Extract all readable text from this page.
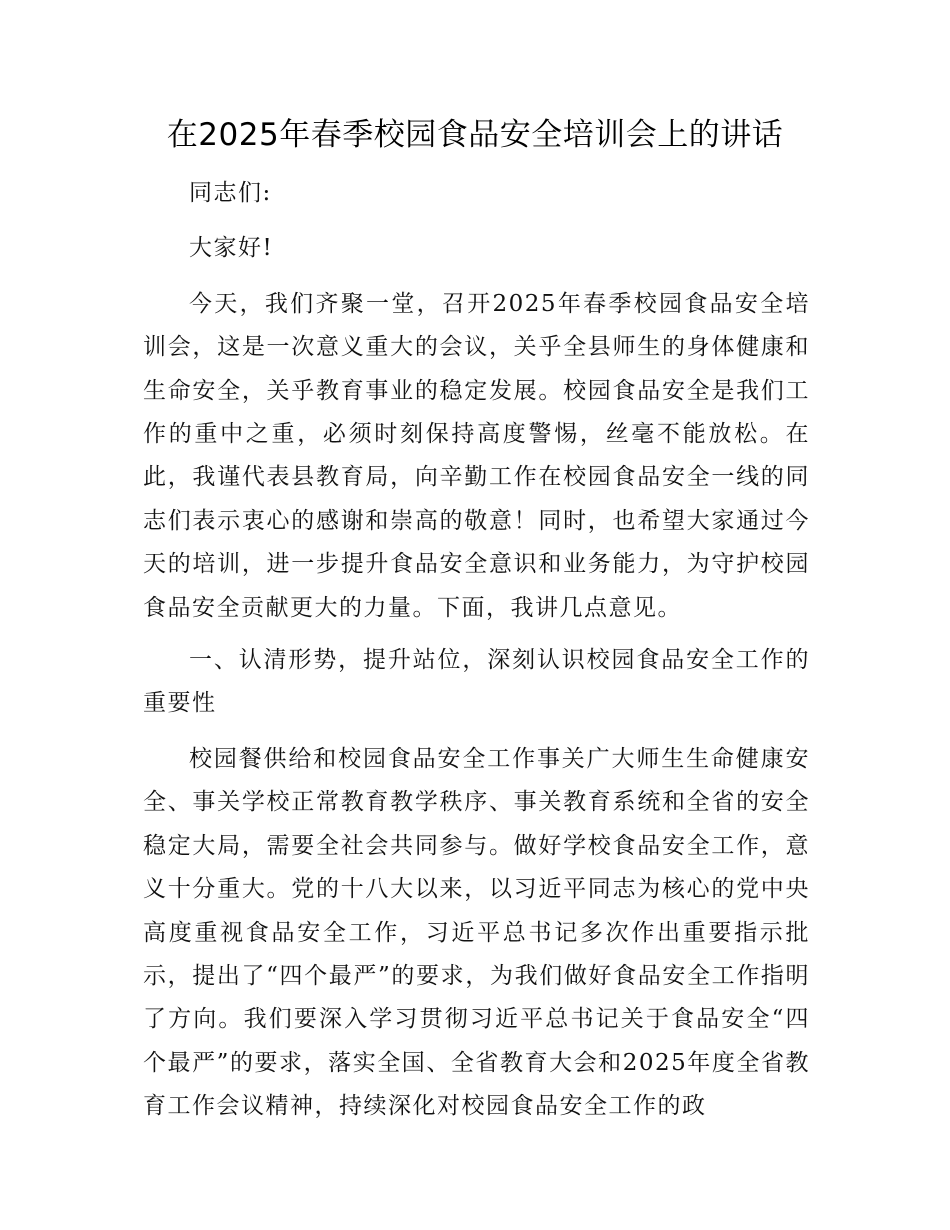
在2025年春季校园食品安全培训会上的讲话

同志们:

大家好!

今天，我们齐聚一堂，召开2025年春季校园食品安全培训会，这是一次意义重大的会议，关乎全县师生的身体健康和生命安全，关乎教育事业的稳定发展。校园食品安全是我们工作的重中之重，必须时刻保持高度警惕，丝毫不能放松。在此，我谨代表县教育局，向辛勤工作在校园食品安全一线的同志们表示衷心的感谢和崇高的敬意！同时，也希望大家通过今天的培训，进一步提升食品安全意识和业务能力，为守护校园食品安全贡献更大的力量。下面，我讲几点意见。

一、认清形势，提升站位，深刻认识校园食品安全工作的重要性

校园餐供给和校园食品安全工作事关广大师生生命健康安全、事关学校正常教育教学秩序、事关教育系统和全省的安全稳定大局，需要全社会共同参与。做好学校食品安全工作，意义十分重大。党的十八大以来，以习近平同志为核心的党中央高度重视食品安全工作，习近平总书记多次作出重要指示批示，提出了“四个最严”的要求，为我们做好食品安全工作指明了方向。我们要深入学习贯彻习近平总书记关于食品安全“四个最严”的要求，落实全国、全省教育大会和2025年度全省教育工作会议精神，持续深化对校园食品安全工作的政
